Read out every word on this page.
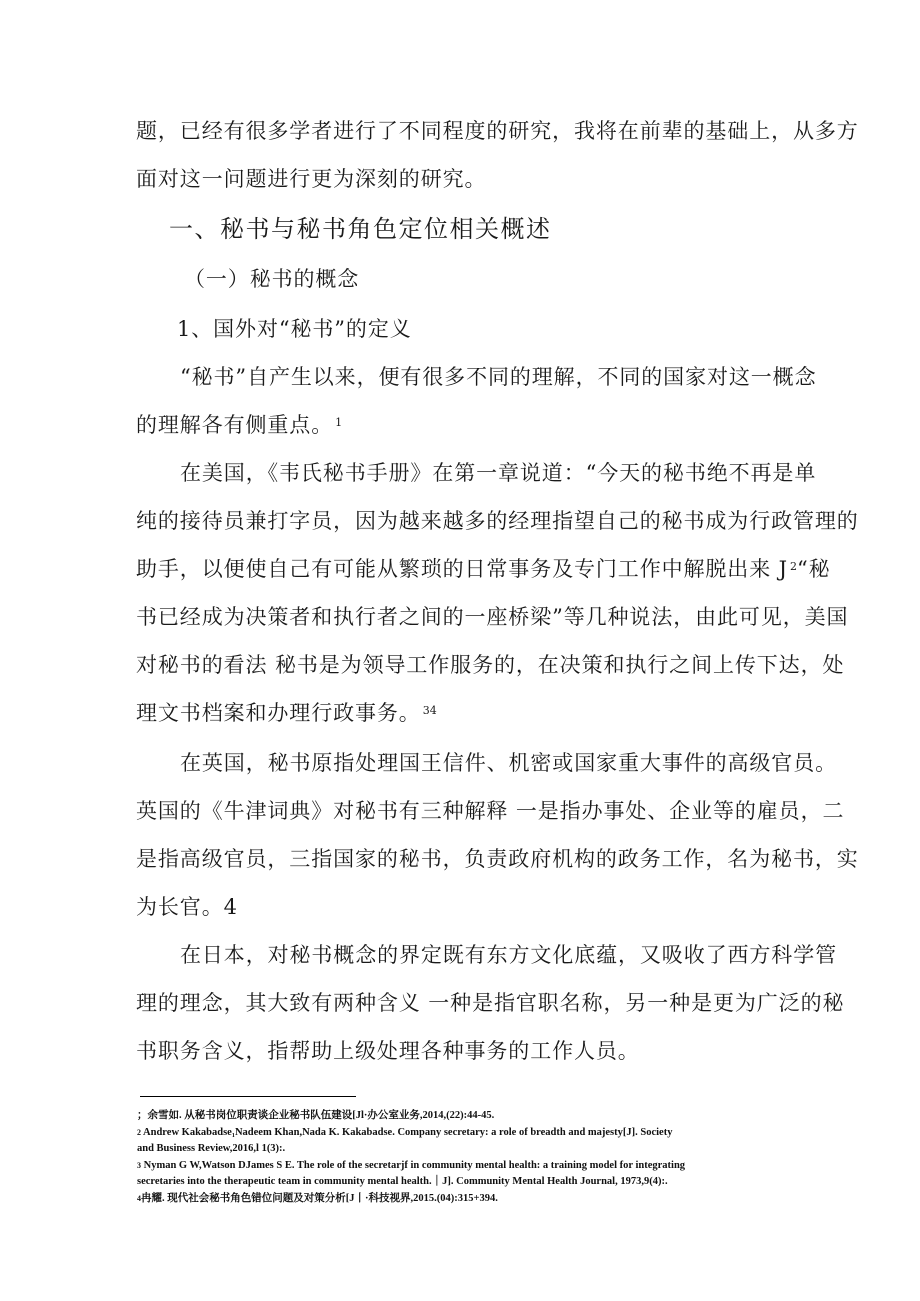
题，已经有很多学者进行了不同程度的研究，我将在前辈的基础上，从多方
面对这一问题进行更为深刻的研究。
一、秘书与秘书角色定位相关概述
（一）秘书的概念
1、国外对“秘书”的定义
“秘书”自产生以来，便有很多不同的理解，不同的国家对这一概念
的理解各有侧重点。 $^1$
在美国，《韦氏秘书手册》在第一章说道：“今天的秘书绝不再是单
纯的接待员兼打字员，因为越来越多的经理指望自己的秘书成为行政管理的
助手，以便使自己有可能从繁琐的日常事务及专门工作中解脱出来 J $^2$“秘
书已经成为决策者和执行者之间的一座桥梁”等几种说法，由此可见，美国
对秘书的看法 秘书是为领导工作服务的，在决策和执行之间上传下达，处
理文书档案和办理行政事务。 $^{34}$
在英国，秘书原指处理国王信件、机密或国家重大事件的高级官员。
英国的《牛津词典》对秘书有三种解释 一是指办事处、企业等的雇员，二
是指高级官员，三指国家的秘书，负责政府机构的政务工作，名为秘书，实
为长官。4
在日本，对秘书概念的界定既有东方文化底蕴，又吸收了西方科学管
理的理念，其大致有两种含义 一种是指官职名称，另一种是更为广泛的秘
书职务含义，指帮助上级处理各种事务的工作人员。
；余雪如. 从秘书岗位职责谈企业秘书队伍建设[Jl·办公室业务,2014,(22):44-45.
$^2$ Andrew Kakabadse₁Nadeem Khan,Nada K. Kakabadse. Company secretary: a role of breadth and majesty[J]. Society
and Business Review,2016,l 1(3):.
$^3$ Nyman G W,Watson DJames S E. The role of the secretarjf in community mental health: a training model for integrating
secretaries into the therapeutic team in community mental health.｜J]. Community Mental Health Journal, 1973,9(4):.
$^4$冉耀. 现代社会秘书角色错位问题及对策分析[J丨·科技视界,2015.(04):315+394.
